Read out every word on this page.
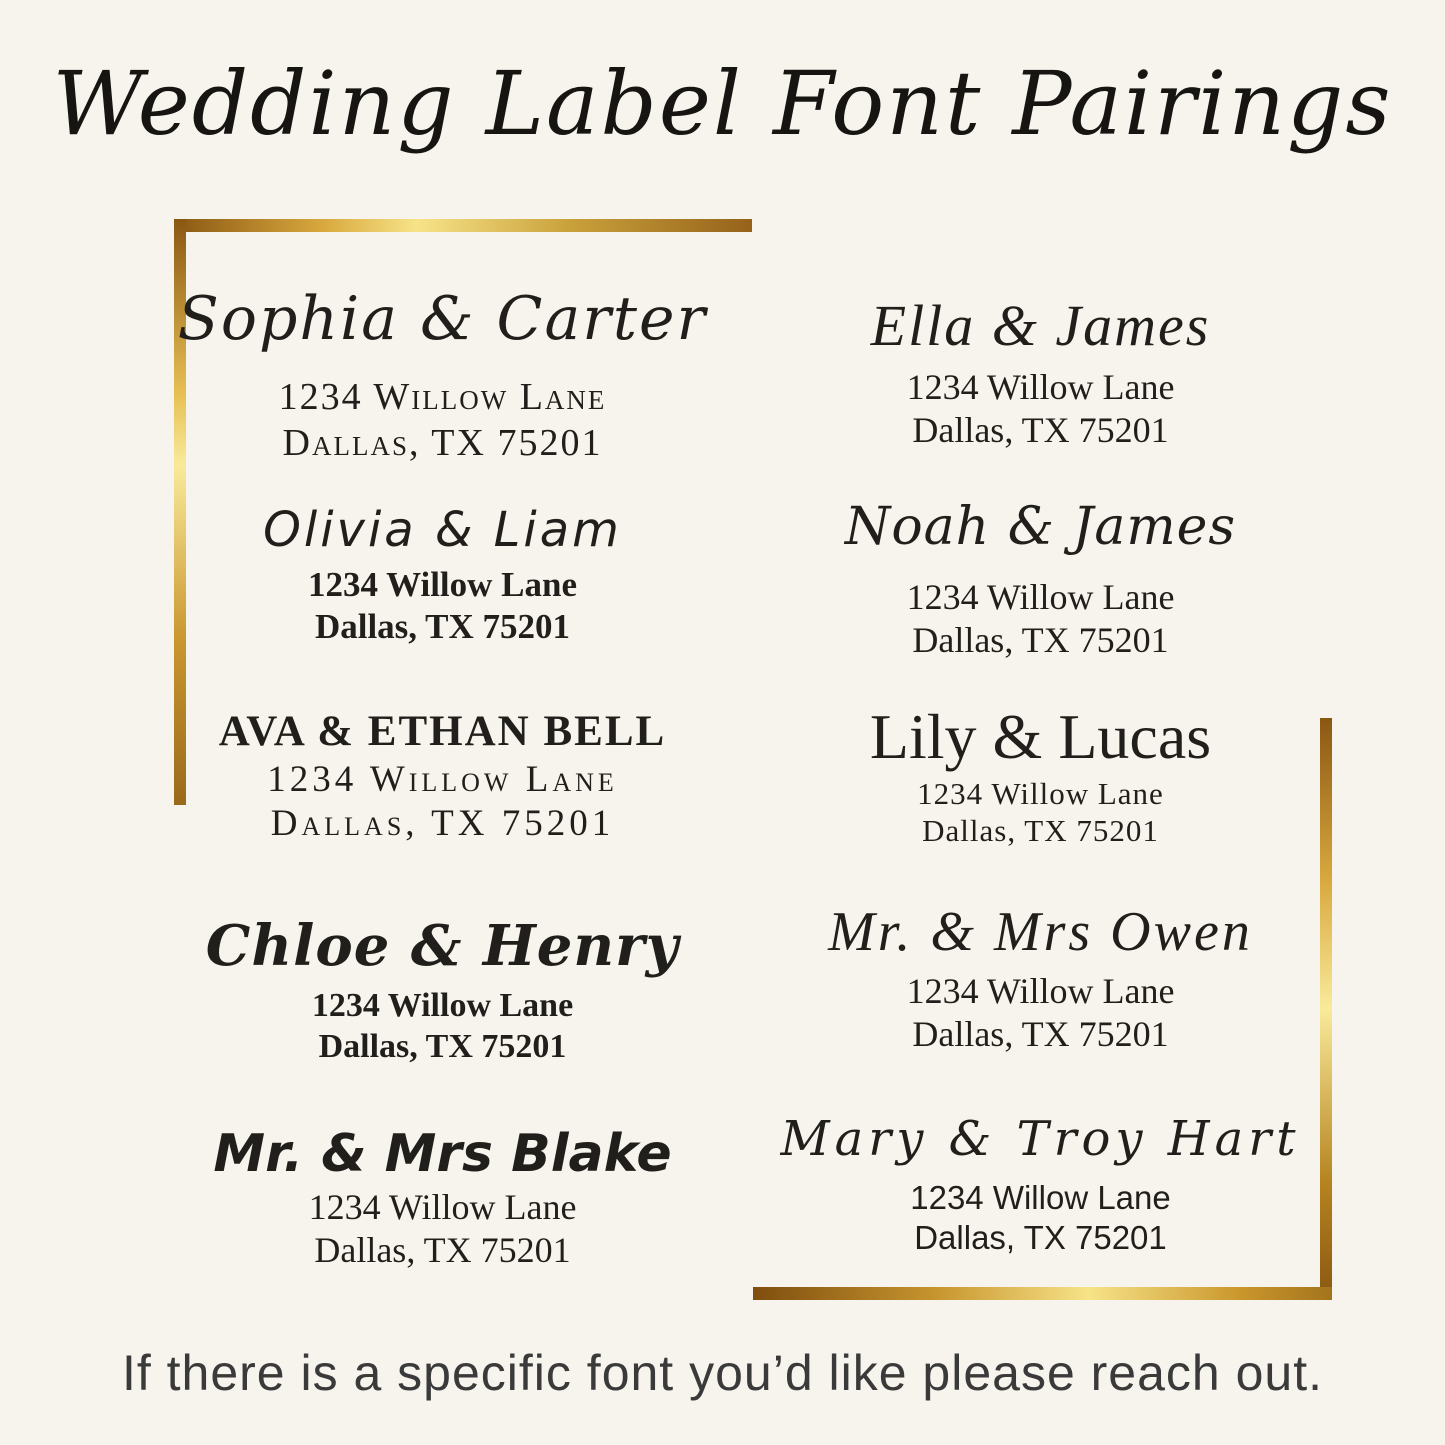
Wedding Label Font Pairings
Sophia & Carter
1234 Willow Lane
Dallas, TX 75201
Olivia & Liam
1234 Willow Lane
Dallas, TX 75201
AVA & ETHAN BELL
1234 Willow Lane
Dallas, TX 75201
Chloe & Henry
1234 Willow Lane
Dallas, TX 75201
Mr. & Mrs Blake
1234 Willow Lane
Dallas, TX 75201
Ella & James
1234 Willow Lane
Dallas, TX 75201
Noah & James
1234 Willow Lane
Dallas, TX 75201
Lily & Lucas
1234 Willow Lane
Dallas, TX 75201
Mr. & Mrs Owen
1234 Willow Lane
Dallas, TX 75201
Mary & Troy Hart
1234 Willow Lane
Dallas, TX 75201
If there is a specific font you’d like please reach out.
